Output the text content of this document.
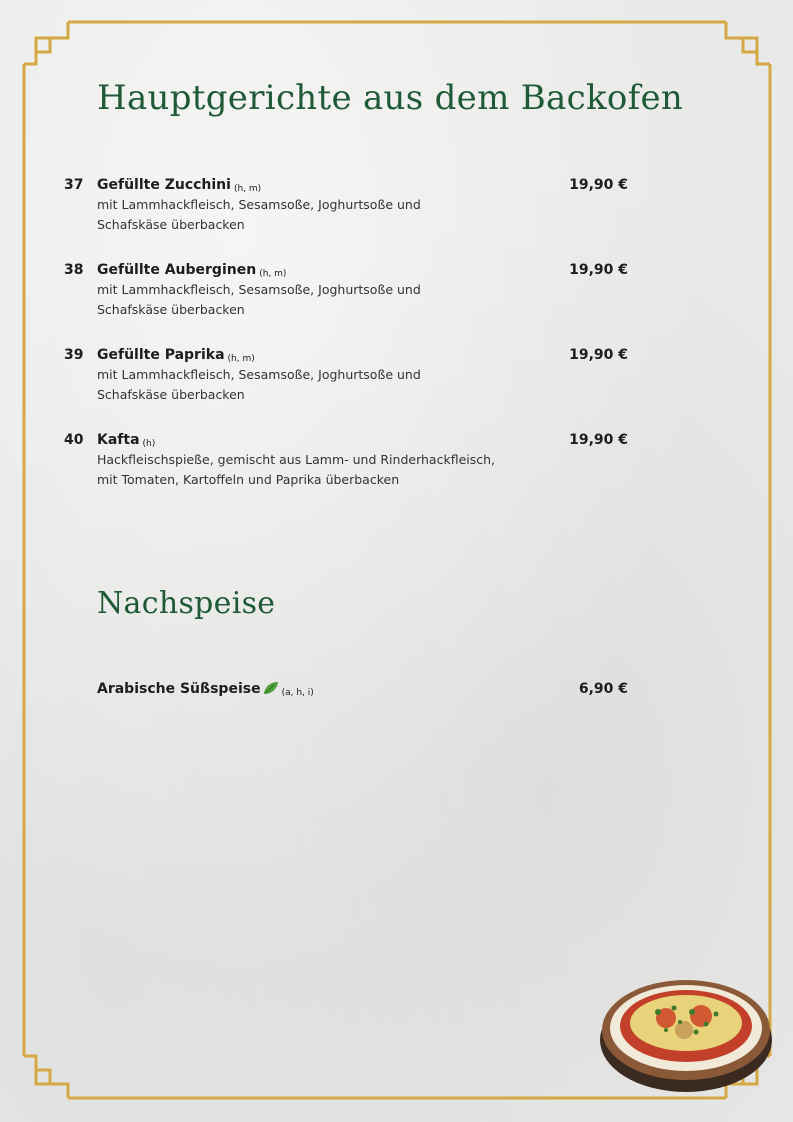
Hauptgerichte aus dem Backofen
37 Gefüllte Zucchini (h, m)	19,90 €
mit Lammhackfleisch, Sesamsoße, Joghurtsoße und
Schafskäse überbacken
38 Gefüllte Auberginen (h, m)	19,90 €
mit Lammhackfleisch, Sesamsoße, Joghurtsoße und
Schafskäse überbacken
39 Gefüllte Paprika (h, m)	19,90 €
mit Lammhackfleisch, Sesamsoße, Joghurtsoße und
Schafskäse überbacken
40 Kafta (h)	19,90 €
Hackfleischspieße, gemischt aus Lamm- und Rinderhackfleisch,
mit Tomaten, Kartoffeln und Paprika überbacken
Nachspeise
Arabische Süßspeise (a, h, i)	6,90 €
